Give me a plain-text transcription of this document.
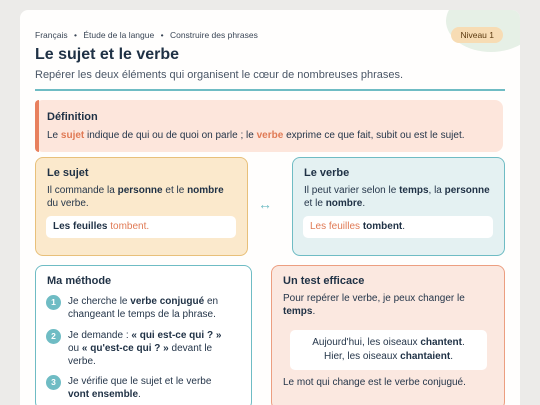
Français • Étude de la langue • Construire des phrases	Niveau 1
Le sujet et le verbe
Repérer les deux éléments qui organisent le cœur de nombreuses phrases.
Définition
Le sujet indique de qui ou de quoi on parle ; le verbe exprime ce que fait, subit ou est le sujet.
Le sujet
Il commande la personne et le nombre du verbe.
Les feuilles tombent.
↔
Le verbe
Il peut varier selon le temps, la personne et le nombre.
Les feuilles tombent.
Ma méthode
1	Je cherche le verbe conjugué en changeant le temps de la phrase.
2	Je demande : « qui est-ce qui ? » ou « qu'est-ce qui ? » devant le verbe.
3	Je vérifie que le sujet et le verbe vont ensemble.
Un test efficace
Pour repérer le verbe, je peux changer le temps.
Aujourd'hui, les oiseaux chantent.
Hier, les oiseaux chantaient.
Le mot qui change est le verbe conjugué.
